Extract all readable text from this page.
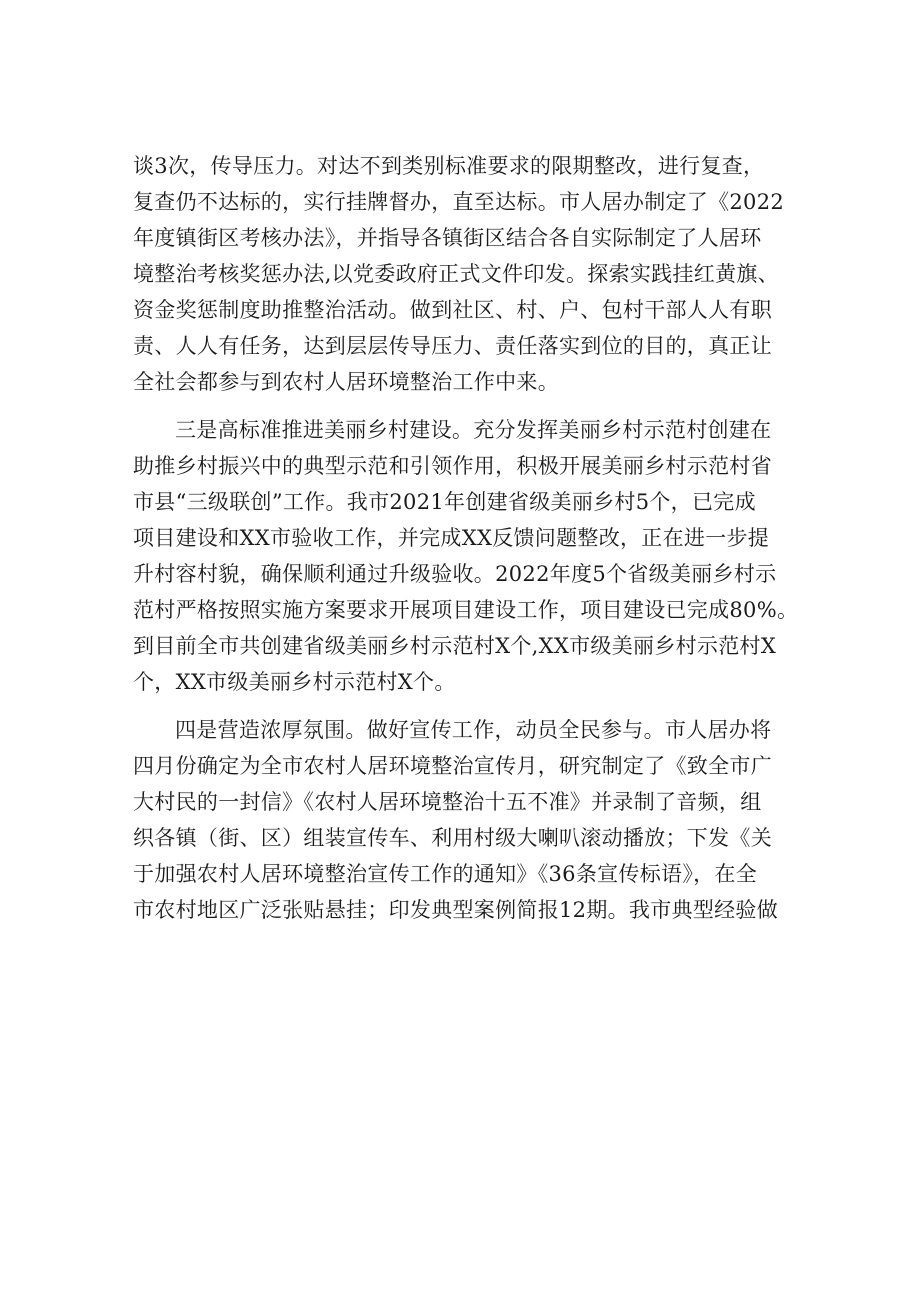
谈3次，传导压力。对达不到类别标准要求的限期整改，进行复查，
复查仍不达标的，实行挂牌督办，直至达标。市人居办制定了《2022
年度镇街区考核办法》，并指导各镇街区结合各自实际制定了人居环
境整治考核奖惩办法,以党委政府正式文件印发。探索实践挂红黄旗、
资金奖惩制度助推整治活动。做到社区、村、户、包村干部人人有职
责、人人有任务，达到层层传导压力、责任落实到位的目的，真正让
全社会都参与到农村人居环境整治工作中来。
三是高标准推进美丽乡村建设。充分发挥美丽乡村示范村创建在
助推乡村振兴中的典型示范和引领作用，积极开展美丽乡村示范村省
市县“三级联创”工作。我市2021年创建省级美丽乡村5个，已完成
项目建设和XX市验收工作，并完成XX反馈问题整改，正在进一步提
升村容村貌，确保顺利通过升级验收。2022年度5个省级美丽乡村示
范村严格按照实施方案要求开展项目建设工作，项目建设已完成80%。
到目前全市共创建省级美丽乡村示范村X个,XX市级美丽乡村示范村X
个，XX市级美丽乡村示范村X个。
四是营造浓厚氛围。做好宣传工作，动员全民参与。市人居办将
四月份确定为全市农村人居环境整治宣传月，研究制定了《致全市广
大村民的一封信》《农村人居环境整治十五不准》并录制了音频，组
织各镇（街、区）组装宣传车、利用村级大喇叭滚动播放；下发《关
于加强农村人居环境整治宣传工作的通知》《36条宣传标语》，在全
市农村地区广泛张贴悬挂；印发典型案例简报12期。我市典型经验做
